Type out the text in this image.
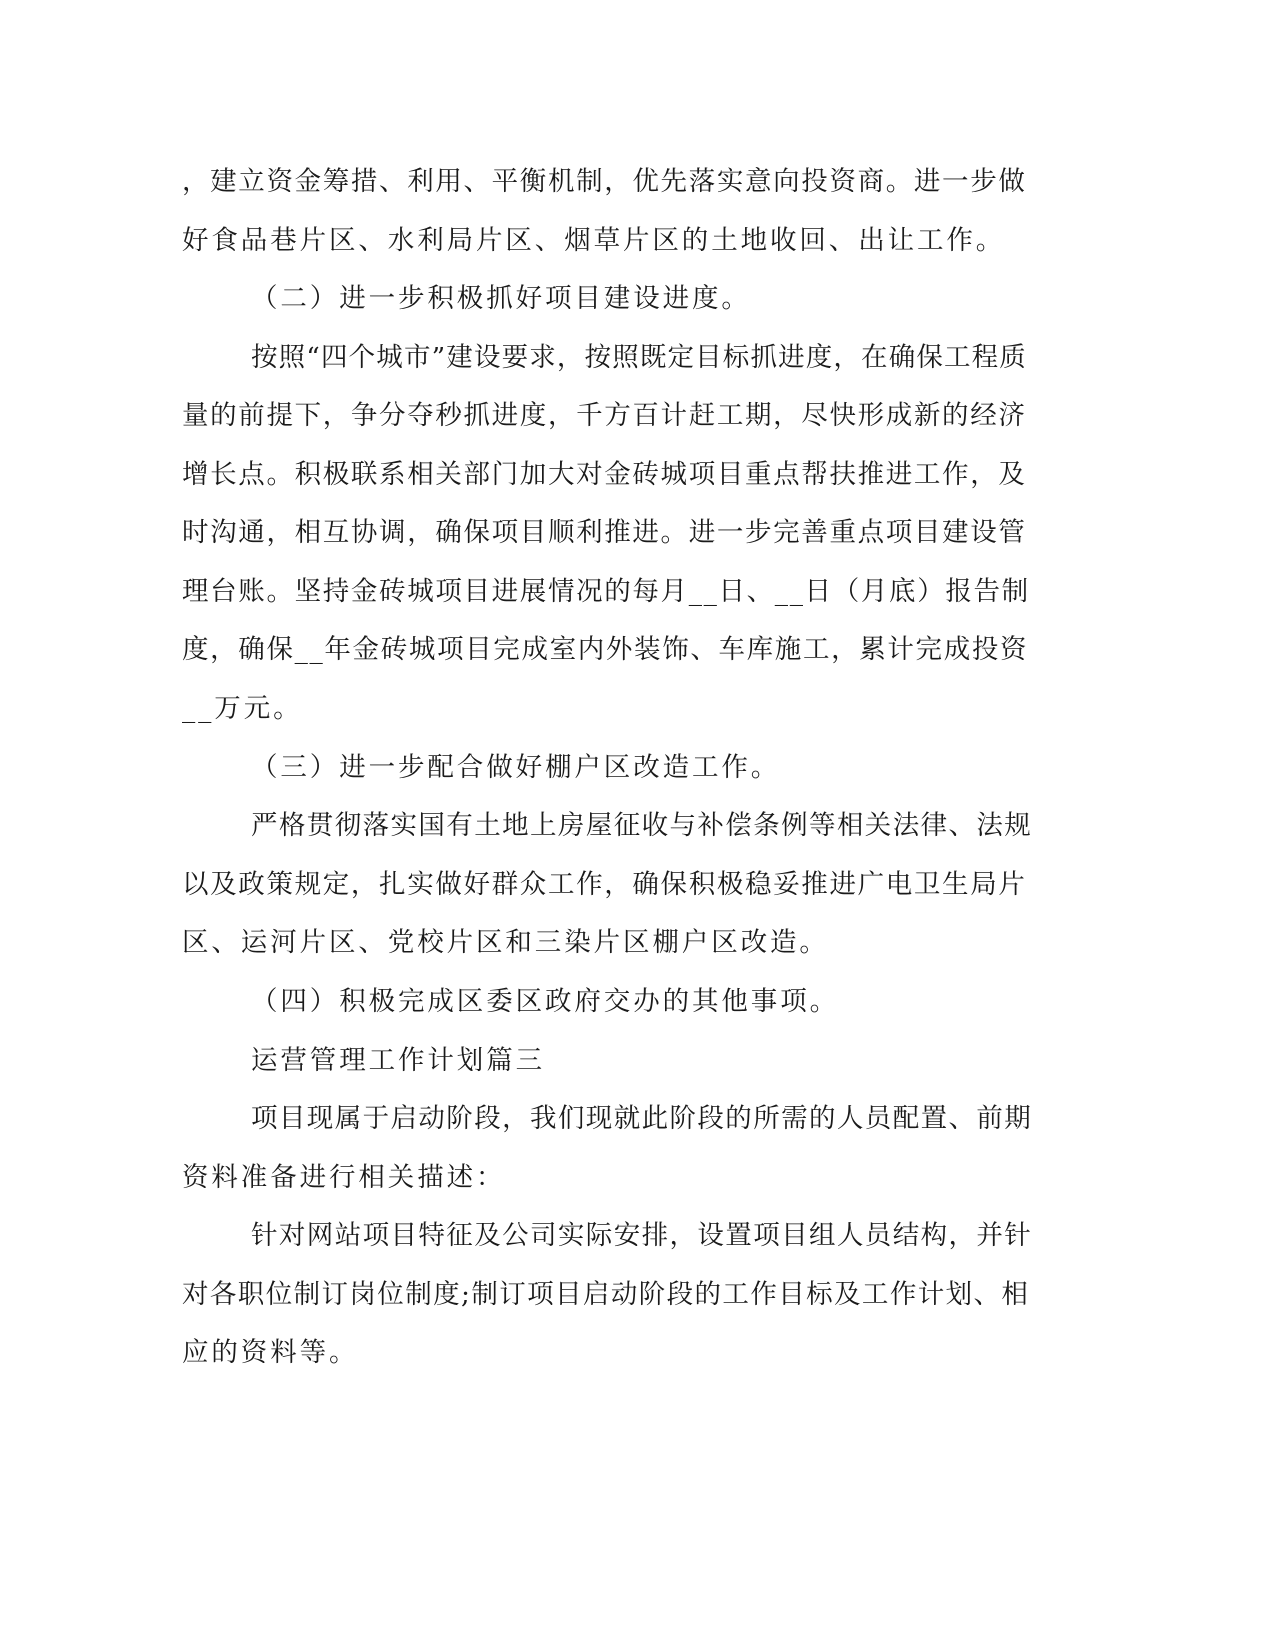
，建立资金筹措、利用、平衡机制，优先落实意向投资商。进一步做
好食品巷片区、水利局片区、烟草片区的土地收回、出让工作。
（二）进一步积极抓好项目建设进度。
按照“四个城市”建设要求，按照既定目标抓进度，在确保工程质
量的前提下，争分夺秒抓进度，千方百计赶工期，尽快形成新的经济
增长点。积极联系相关部门加大对金砖城项目重点帮扶推进工作，及
时沟通，相互协调，确保项目顺利推进。进一步完善重点项目建设管
理台账。坚持金砖城项目进展情况的每月__日、__日（月底）报告制
度，确保__年金砖城项目完成室内外装饰、车库施工，累计完成投资
__万元。
（三）进一步配合做好棚户区改造工作。
严格贯彻落实国有土地上房屋征收与补偿条例等相关法律、法规
以及政策规定，扎实做好群众工作，确保积极稳妥推进广电卫生局片
区、运河片区、党校片区和三染片区棚户区改造。
（四）积极完成区委区政府交办的其他事项。
运营管理工作计划篇三
项目现属于启动阶段，我们现就此阶段的所需的人员配置、前期
资料准备进行相关描述：
针对网站项目特征及公司实际安排，设置项目组人员结构，并针
对各职位制订岗位制度;制订项目启动阶段的工作目标及工作计划、相
应的资料等。
